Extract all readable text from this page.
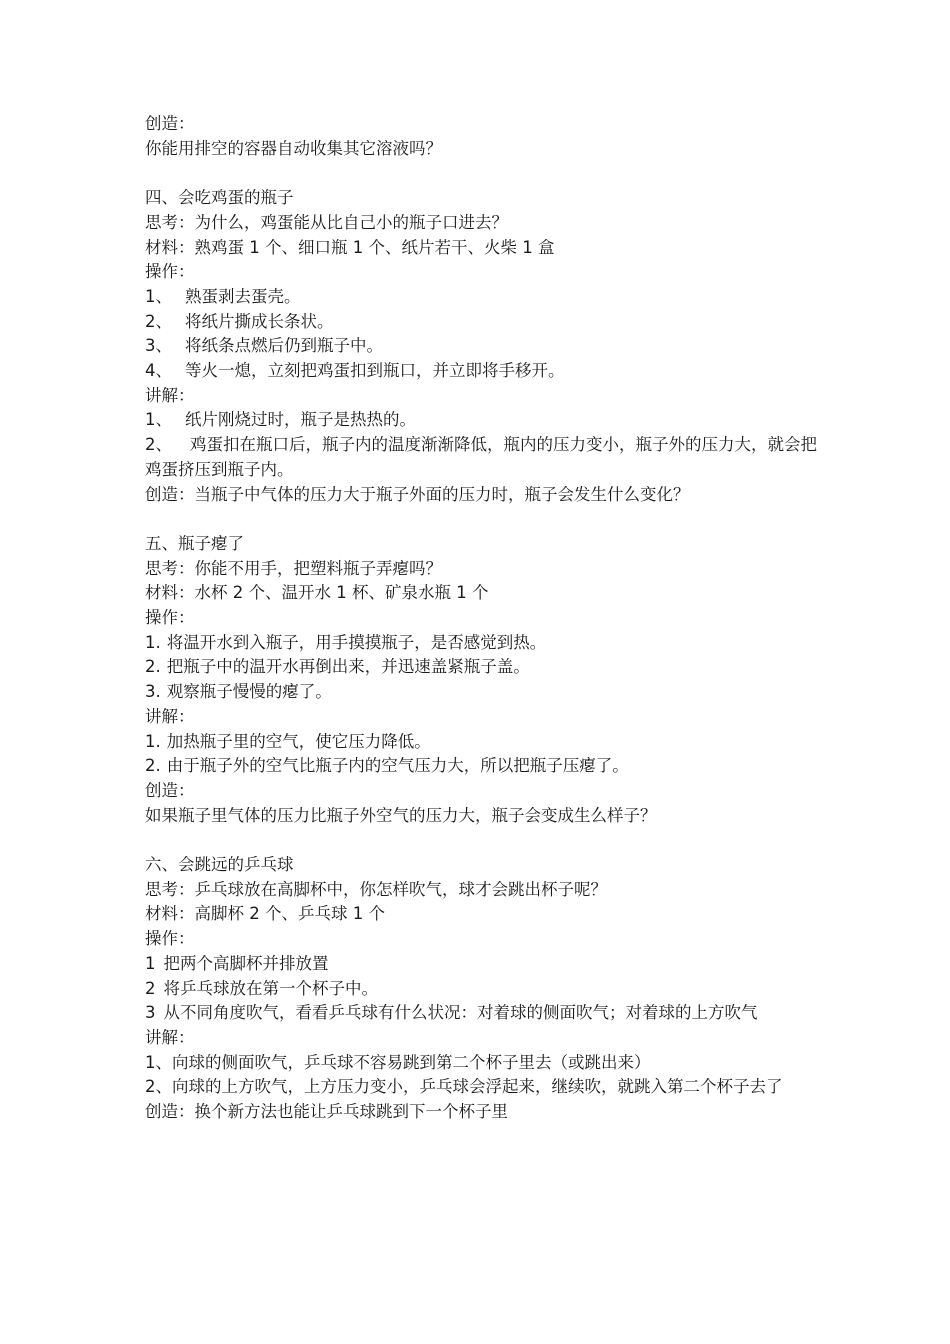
创造：
你能用排空的容器自动收集其它溶液吗？
四、会吃鸡蛋的瓶子
思考：为什么，鸡蛋能从比自己小的瓶子口进去？
材料：熟鸡蛋 1 个、细口瓶 1 个、纸片若干、火柴 1 盒
操作：
1、 熟蛋剥去蛋壳。
2、 将纸片撕成长条状。
3、 将纸条点燃后仍到瓶子中。
4、 等火一熄，立刻把鸡蛋扣到瓶口，并立即将手移开。
讲解：
1、 纸片刚烧过时，瓶子是热热的。
2、 鸡蛋扣在瓶口后，瓶子内的温度渐渐降低，瓶内的压力变小，瓶子外的压力大，就会把鸡蛋挤压到瓶子内。
创造：当瓶子中气体的压力大于瓶子外面的压力时，瓶子会发生什么变化？
五、瓶子瘪了
思考：你能不用手，把塑料瓶子弄瘪吗？
材料：水杯 2 个、温开水 1 杯、矿泉水瓶 1 个
操作：
1. 将温开水到入瓶子，用手摸摸瓶子，是否感觉到热。
2. 把瓶子中的温开水再倒出来，并迅速盖紧瓶子盖。
3. 观察瓶子慢慢的瘪了。
讲解：
1. 加热瓶子里的空气，使它压力降低。
2. 由于瓶子外的空气比瓶子内的空气压力大，所以把瓶子压瘪了。
创造：
如果瓶子里气体的压力比瓶子外空气的压力大，瓶子会变成生么样子？
六、会跳远的乒乓球
思考：乒乓球放在高脚杯中，你怎样吹气，球才会跳出杯子呢？
材料：高脚杯 2 个、乒乓球 1 个
操作：
1 把两个高脚杯并排放置
2 将乒乓球放在第一个杯子中。
3 从不同角度吹气，看看乒乓球有什么状况：对着球的侧面吹气；对着球的上方吹气
讲解：
1、向球的侧面吹气，乒乓球不容易跳到第二个杯子里去（或跳出来）
2、向球的上方吹气，上方压力变小，乒乓球会浮起来，继续吹，就跳入第二个杯子去了
创造：换个新方法也能让乒乓球跳到下一个杯子里
